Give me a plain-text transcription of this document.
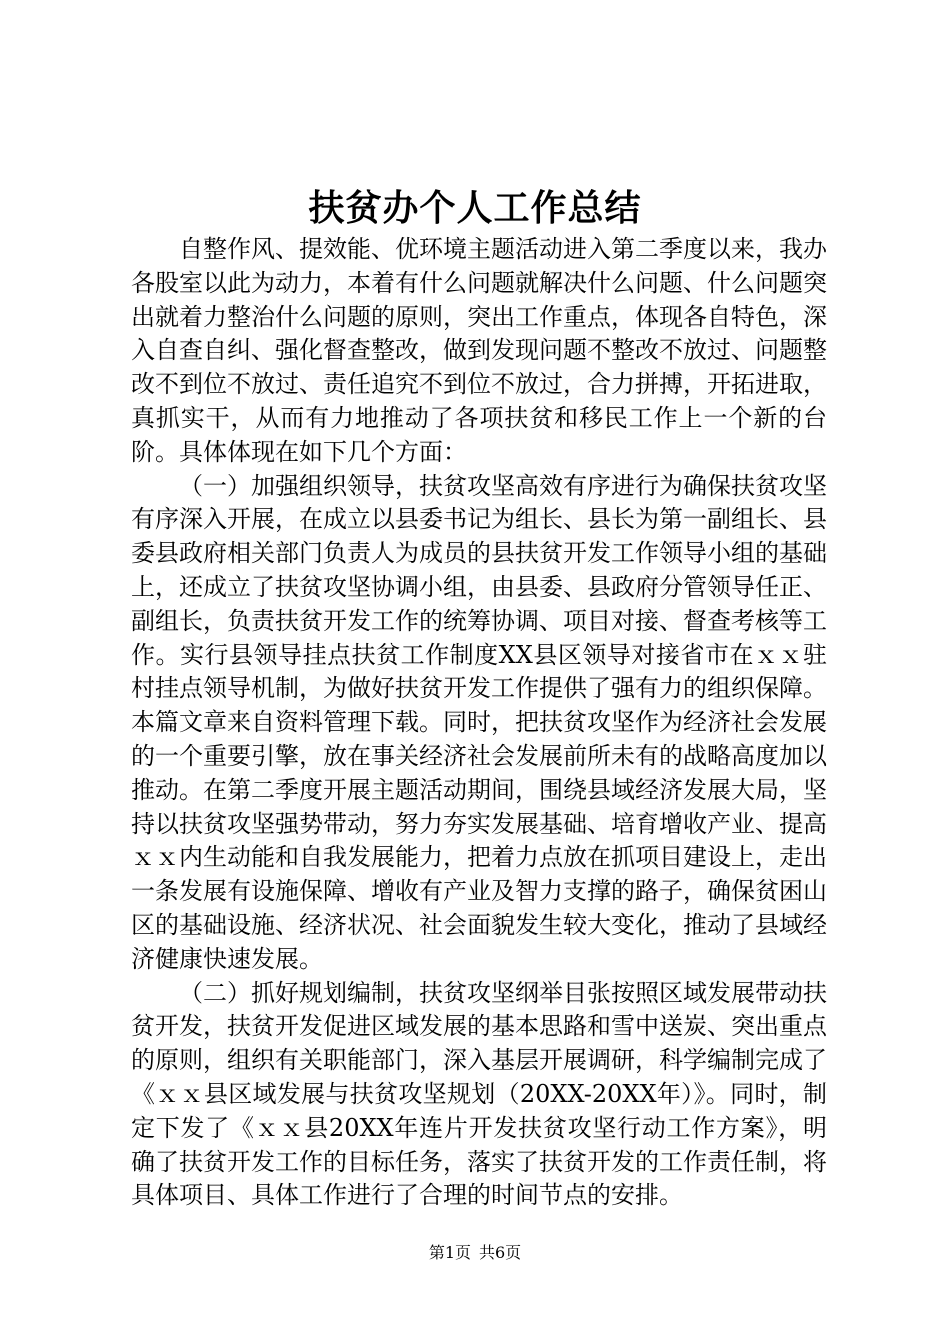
扶贫办个人工作总结

自整作风、提效能、优环境主题活动进入第二季度以来，我办各股室以此为动力，本着有什么问题就解决什么问题、什么问题突出就着力整治什么问题的原则，突出工作重点，体现各自特色，深入自查自纠、强化督查整改，做到发现问题不整改不放过、问题整改不到位不放过、责任追究不到位不放过，合力拼搏，开拓进取，真抓实干，从而有力地推动了各项扶贫和移民工作上一个新的台阶。具体体现在如下几个方面：

（一）加强组织领导，扶贫攻坚高效有序进行为确保扶贫攻坚有序深入开展，在成立以县委书记为组长、县长为第一副组长、县委县政府相关部门负责人为成员的县扶贫开发工作领导小组的基础上，还成立了扶贫攻坚协调小组，由县委、县政府分管领导任正、副组长，负责扶贫开发工作的统筹协调、项目对接、督查考核等工作。实行县领导挂点扶贫工作制度XX县区领导对接省市在ｘｘ驻村挂点领导机制，为做好扶贫开发工作提供了强有力的组织保障。本篇文章来自资料管理下载。同时，把扶贫攻坚作为经济社会发展的一个重要引擎，放在事关经济社会发展前所未有的战略高度加以推动。在第二季度开展主题活动期间，围绕县域经济发展大局，坚持以扶贫攻坚强势带动，努力夯实发展基础、培育增收产业、提高ｘｘ内生动能和自我发展能力，把着力点放在抓项目建设上，走出一条发展有设施保障、增收有产业及智力支撑的路子，确保贫困山区的基础设施、经济状况、社会面貌发生较大变化，推动了县域经济健康快速发展。

（二）抓好规划编制，扶贫攻坚纲举目张按照区域发展带动扶贫开发，扶贫开发促进区域发展的基本思路和雪中送炭、突出重点的原则，组织有关职能部门，深入基层开展调研，科学编制完成了《ｘｘ县区域发展与扶贫攻坚规划（20XX-20XX年）》。同时，制定下发了《ｘｘ县20XX年连片开发扶贫攻坚行动工作方案》，明确了扶贫开发工作的目标任务，落实了扶贫开发的工作责任制，将具体项目、具体工作进行了合理的时间节点的安排。

第1页 共6页
